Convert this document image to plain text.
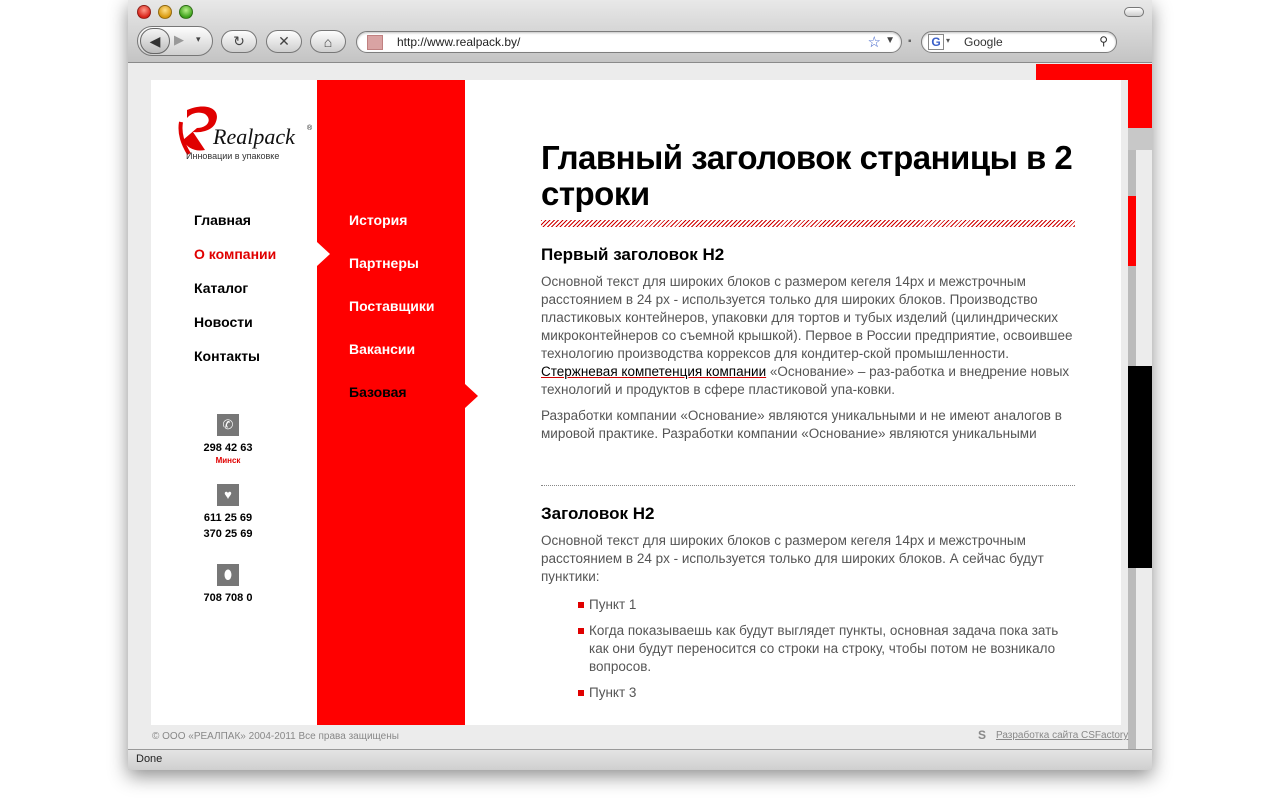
◀ ▶ ▾ ↻ ✕ ⌂	http://www.realpack.by/	☆ ▼ ▪ G ▾ Google	⚲
Realpack ®
Инновации в упаковке
Главная
О компании
Каталог
Новости
Контакты
✆
298 42 63
Минск
♥
611 25 69
370 25 69
⬮
708 708 0
История
Партнеры
Поставщики
Вакансии
Базовая
Главный заголовок страницы в 2 строки
Первый заголовок H2
Основной текст для широких блоков с размером кегеля 14px и межстрочным расстоянием в 24 px - используется только для широких блоков. Производство пластиковых контейнеров, упаковки для тортов и тубых изделий (цилиндрических микроконтейнеров со съемной крышкой). Первое в России предприятие, освоившее технологию производства коррексов для кондитер-ской промышленности. Стержневая компетенция компании «Основание» – раз-работка и внедрение новых технологий и продуктов в сфере пластиковой упа-ковки.
Разработки компании «Основание» являются уникальными и не имеют аналогов в мировой практике. Разработки компании «Основание» являются уникальными
Заголовок H2
Основной текст для широких блоков с размером кегеля 14px и межстрочным расстоянием в 24 px - используется только для широких блоков. А сейчас будут пунктики:
Пункт 1
Когда показываешь как будут выглядет пункты, основная задача пока зать как они будут переносится со строки на строку, чтобы потом не возникало вопросов.
Пункт 3
© ООО «РЕАЛПАК» 2004-2011 Все права защищены	S Разработка сайта CSFactory
Done
